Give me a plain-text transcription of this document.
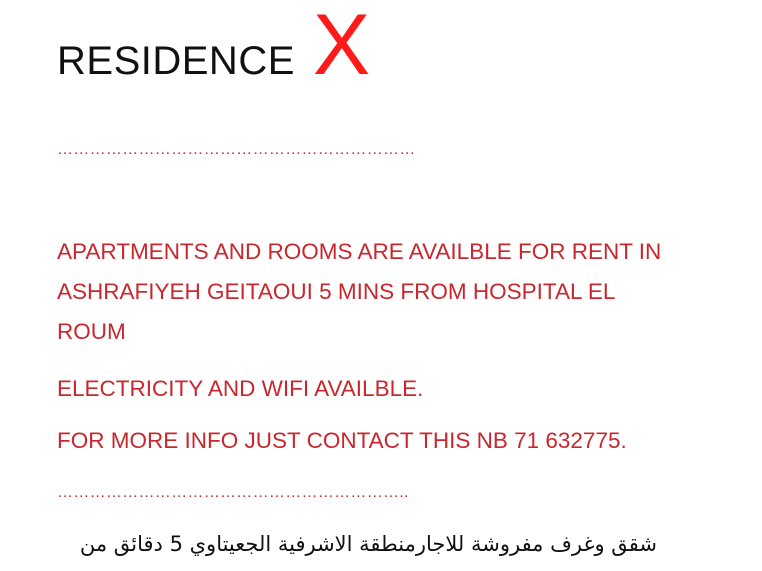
RESIDENCE X
…………………………………………………………
APARTMENTS AND ROOMS ARE AVAILBLE FOR RENT IN
ASHRAFIYEH GEITAOUI 5 MINS FROM HOSPITAL EL
ROUM
ELECTRICITY AND WIFI AVAILBLE.
FOR MORE INFO JUST CONTACT THIS NB 71 632775.
………………………………………………………..
شقق وغرف مفروشة للاجارمنطقة الاشرفية الجعيتاوي 5 دقائق من
